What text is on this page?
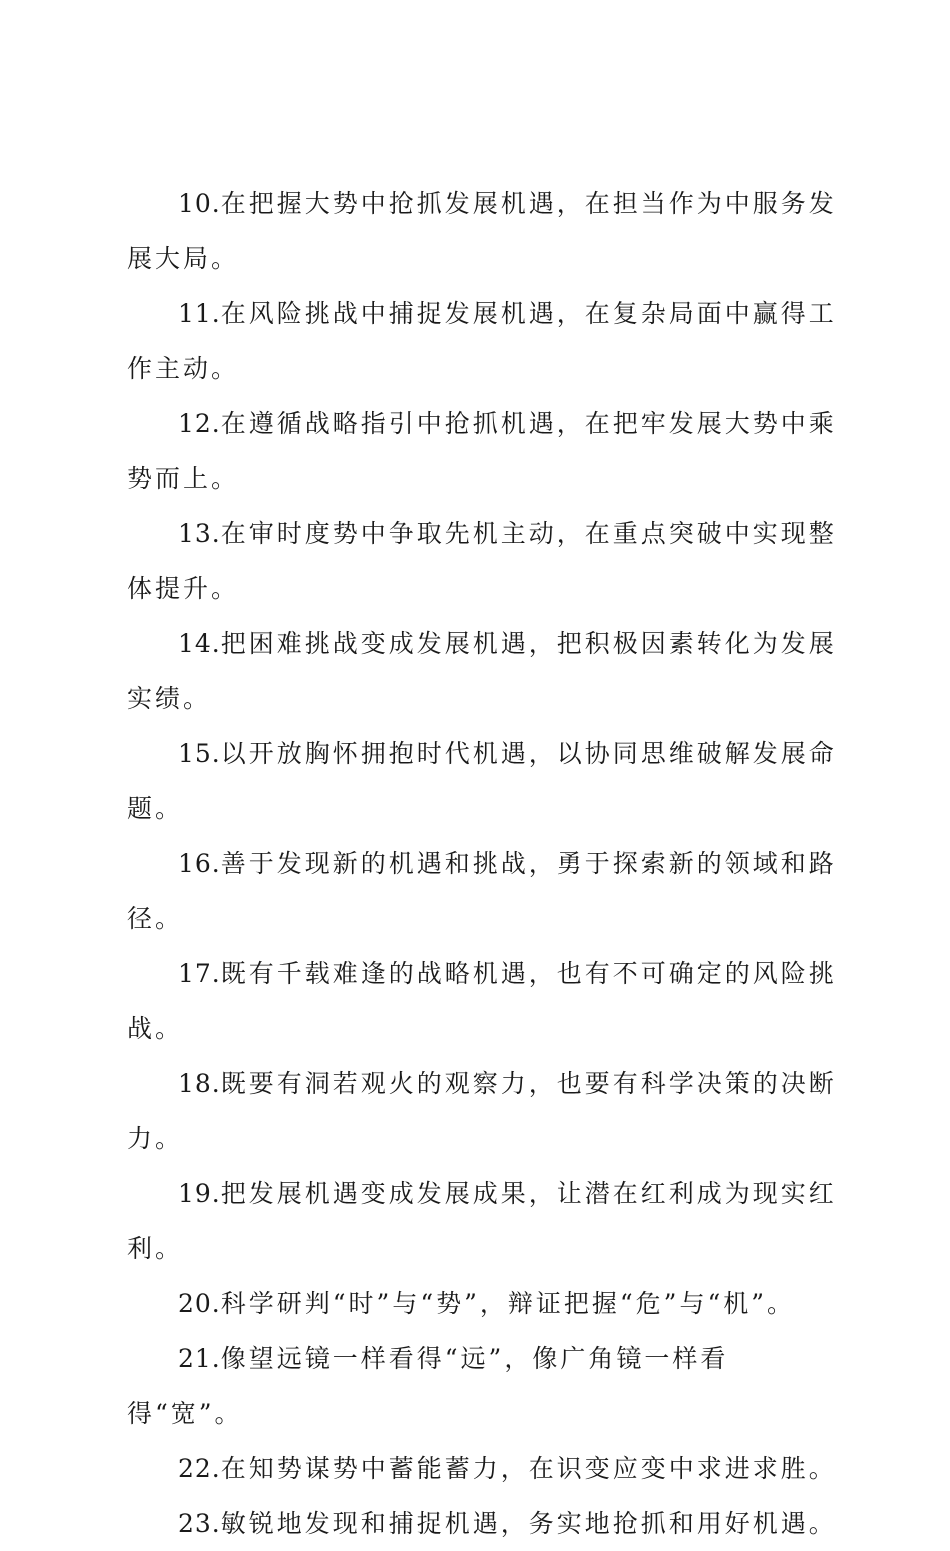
10.在把握大势中抢抓发展机遇，在担当作为中服务发展大局。

11.在风险挑战中捕捉发展机遇，在复杂局面中赢得工作主动。

12.在遵循战略指引中抢抓机遇，在把牢发展大势中乘势而上。

13.在审时度势中争取先机主动，在重点突破中实现整体提升。

14.把困难挑战变成发展机遇，把积极因素转化为发展实绩。

15.以开放胸怀拥抱时代机遇，以协同思维破解发展命题。

16.善于发现新的机遇和挑战，勇于探索新的领域和路径。

17.既有千载难逢的战略机遇，也有不可确定的风险挑战。

18.既要有洞若观火的观察力，也要有科学决策的决断力。

19.把发展机遇变成发展成果，让潜在红利成为现实红利。

20.科学研判“时”与“势”，辩证把握“危”与“机”。

21.像望远镜一样看得“远”，像广角镜一样看得“宽”。

22.在知势谋势中蓄能蓄力，在识变应变中求进求胜。

23.敏锐地发现和捕捉机遇，务实地抢抓和用好机遇。
